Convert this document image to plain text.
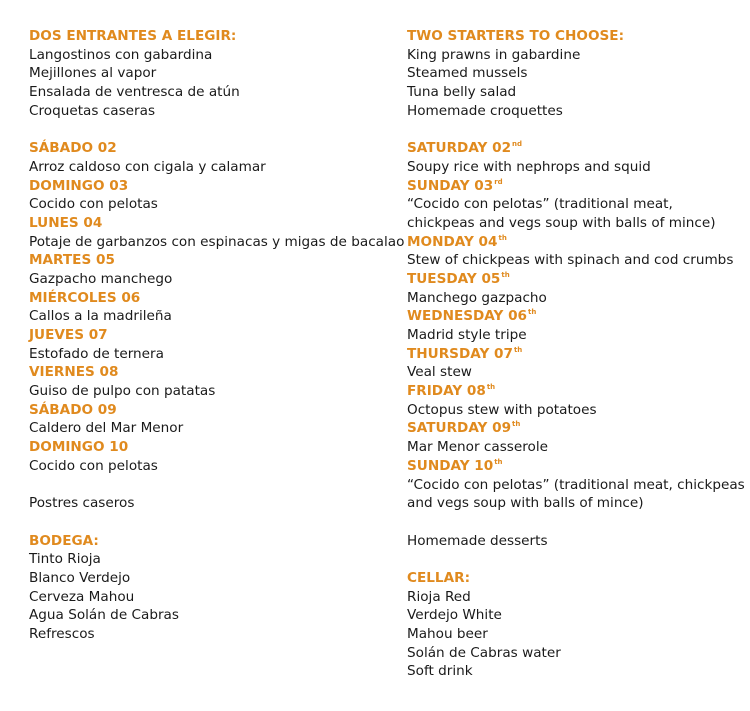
DOS ENTRANTES A ELEGIR:
Langostinos con gabardina
Mejillones al vapor
Ensalada de ventresca de atún
Croquetas caseras
SÁBADO 02
Arroz caldoso con cigala y calamar
DOMINGO 03
Cocido con pelotas
LUNES 04
Potaje de garbanzos con espinacas y migas de bacalao
MARTES 05
Gazpacho manchego
MIÉRCOLES 06
Callos a la madrileña
JUEVES 07
Estofado de ternera
VIERNES 08
Guiso de pulpo con patatas
SÁBADO 09
Caldero del Mar Menor
DOMINGO 10
Cocido con pelotas
Postres caseros
BODEGA:
Tinto Rioja
Blanco Verdejo
Cerveza Mahou
Agua Solán de Cabras
Refrescos
TWO STARTERS TO CHOOSE:
King prawns in gabardine
Steamed mussels
Tuna belly salad
Homemade croquettes
SATURDAY 02nd
Soupy rice with nephrops and squid
SUNDAY 03rd
“Cocido con pelotas” (traditional meat,
chickpeas and vegs soup with balls of mince)
MONDAY 04th
Stew of chickpeas with spinach and cod crumbs
TUESDAY 05th
Manchego gazpacho
WEDNESDAY 06th
Madrid style tripe
THURSDAY 07th
Veal stew
FRIDAY 08th
Octopus stew with potatoes
SATURDAY 09th
Mar Menor casserole
SUNDAY 10th
“Cocido con pelotas” (traditional meat, chickpeas
and vegs soup with balls of mince)
Homemade desserts
CELLAR:
Rioja Red
Verdejo White
Mahou beer
Solán de Cabras water
Soft drink
